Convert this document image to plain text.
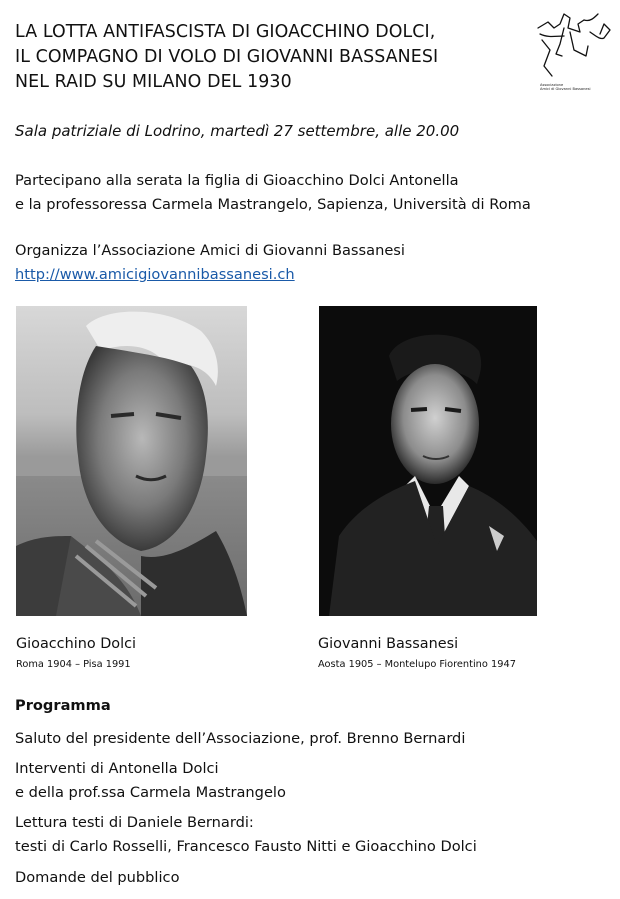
LA LOTTA ANTIFASCISTA DI GIOACCHINO DOLCI,
IL COMPAGNO DI VOLO DI GIOVANNI BASSANESI
NEL RAID SU MILANO DEL 1930	Associazione
Amici di Giovanni Bassanesi
Sala patriziale di Lodrino, martedì 27 settembre, alle 20.00
Partecipano alla serata la figlia di Gioacchino Dolci Antonella
e la professoressa Carmela Mastrangelo, Sapienza, Università di Roma
Organizza l’Associazione Amici di Giovanni Bassanesi
http://www.amicigiovannibassanesi.ch
Gioacchino Dolci
Roma 1904 – Pisa 1991
Giovanni Bassanesi
Aosta 1905 – Montelupo Fiorentino 1947
Programma
Saluto del presidente dell’Associazione, prof. Brenno Bernardi
Interventi di Antonella Dolci
e della prof.ssa Carmela Mastrangelo
Lettura testi di Daniele Bernardi:
testi di Carlo Rosselli, Francesco Fausto Nitti e Gioacchino Dolci
Domande del pubblico
